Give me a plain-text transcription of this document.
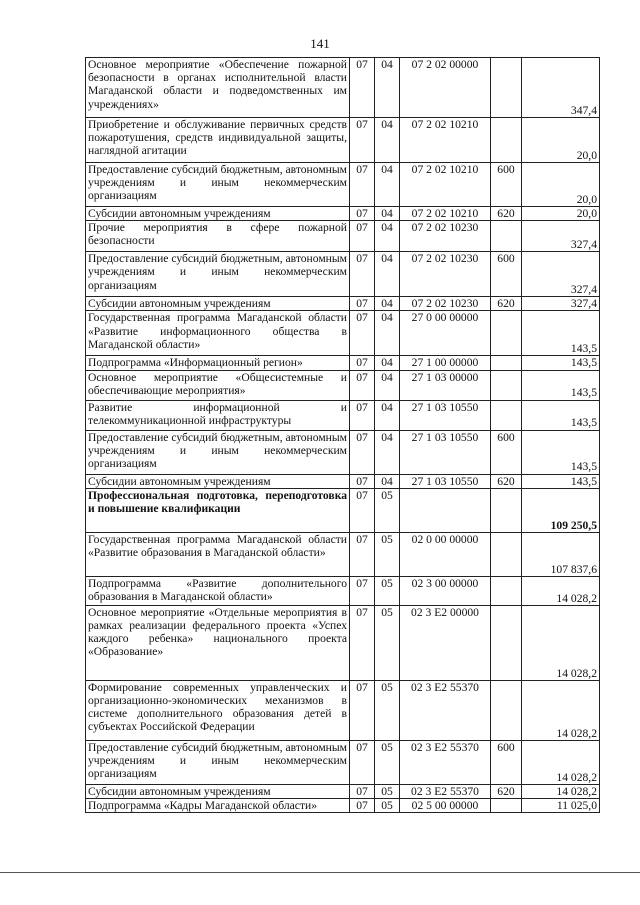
141
Основное мероприятие «Обеспечение пожарной безопасности в органах исполнительной власти Магаданской области и подведомственных им учреждениях»	07	04	07 2 02 00000		347,4
Приобретение и обслуживание первичных средств пожаротушения, средств индивидуальной защиты, наглядной агитации	07	04	07 2 02 10210		20,0
Предоставление субсидий бюджетным, автономным учреждениям и иным некоммерческим организациям	07	04	07 2 02 10210	600	20,0
Субсидии автономным учреждениям	07	04	07 2 02 10210	620	20,0
Прочие мероприятия в сфере пожарной безопасности	07	04	07 2 02 10230		327,4
Предоставление субсидий бюджетным, автономным учреждениям и иным некоммерческим организациям	07	04	07 2 02 10230	600	327,4
Субсидии автономным учреждениям	07	04	07 2 02 10230	620	327,4
Государственная программа Магаданской области «Развитие информационного общества в Магаданской области»	07	04	27 0 00 00000		143,5
Подпрограмма «Информационный регион»	07	04	27 1 00 00000		143,5
Основное мероприятие «Общесистемные и обеспечивающие мероприятия»	07	04	27 1 03 00000		143,5
Развитие информационной и телекоммуникационной инфраструктуры	07	04	27 1 03 10550		143,5
Предоставление субсидий бюджетным, автономным учреждениям и иным некоммерческим организациям	07	04	27 1 03 10550	600	143,5
Субсидии автономным учреждениям	07	04	27 1 03 10550	620	143,5
Профессиональная подготовка, переподготовка и повышение квалификации	07	05			109 250,5
Государственная программа Магаданской области «Развитие образования в Магаданской области»	07	05	02 0 00 00000		107 837,6
Подпрограмма «Развитие дополнительного образования в Магаданской области»	07	05	02 3 00 00000		14 028,2
Основное мероприятие «Отдельные мероприятия в рамках реализации федерального проекта «Успех каждого ребенка» национального проекта «Образование»	07	05	02 3 E2 00000		14 028,2
Формирование современных управленческих и организационно-экономических механизмов в системе дополнительного образования детей в субъектах Российской Федерации	07	05	02 3 E2 55370		14 028,2
Предоставление субсидий бюджетным, автономным учреждениям и иным некоммерческим организациям	07	05	02 3 E2 55370	600	14 028,2
Субсидии автономным учреждениям	07	05	02 3 E2 55370	620	14 028,2
Подпрограмма «Кадры Магаданской области»	07	05	02 5 00 00000		11 025,0
